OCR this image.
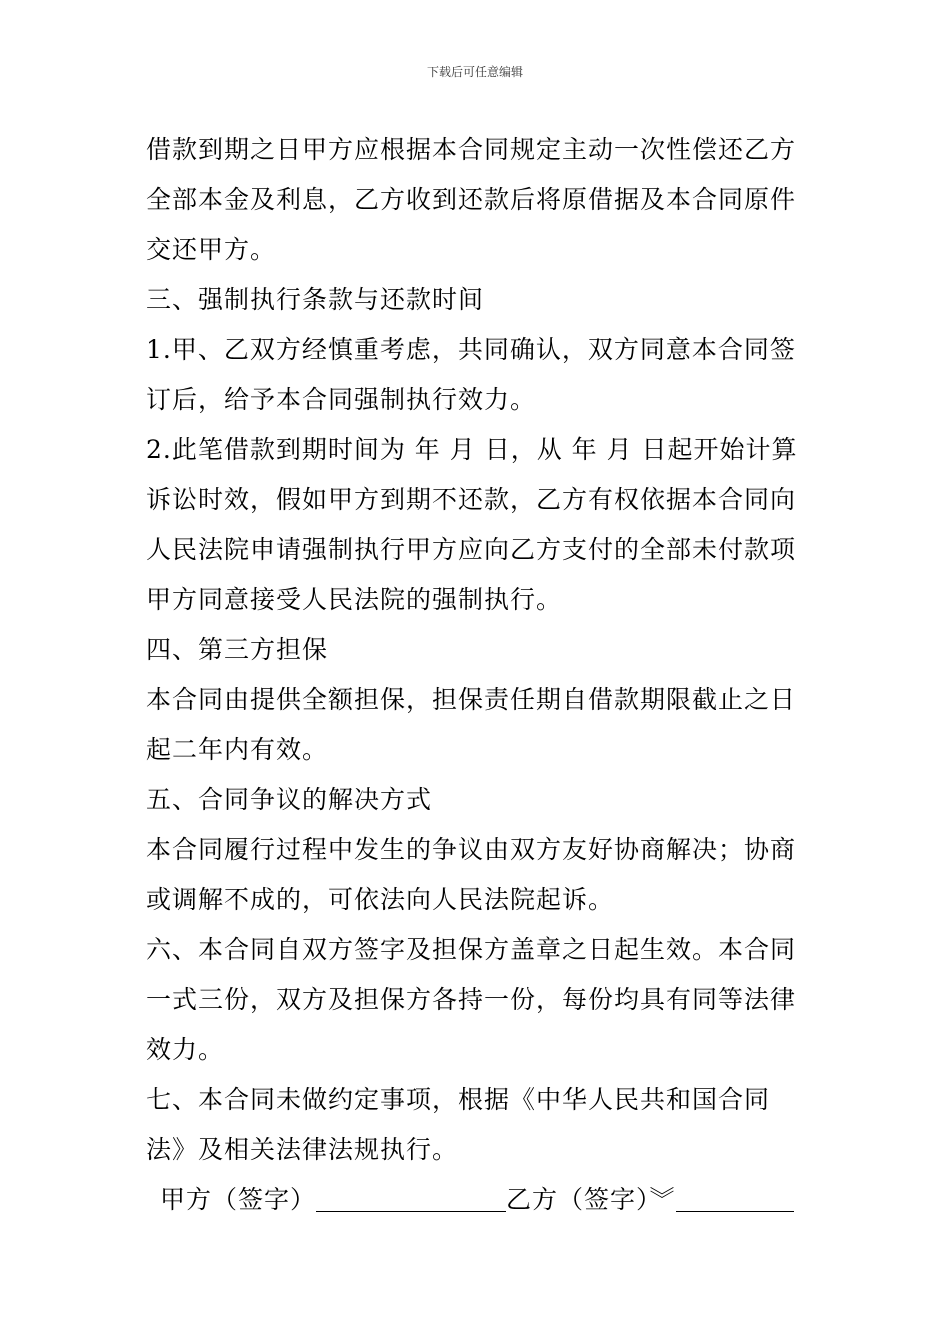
下载后可任意编辑
借款到期之日甲方应根据本合同规定主动一次性偿还乙方
全部本金及利息，乙方收到还款后将原借据及本合同原件
交还甲方。
三、强制执行条款与还款时间
1.甲、乙双方经慎重考虑，共同确认，双方同意本合同签
订后，给予本合同强制执行效力。
2.此笔借款到期时间为 年 月 日，从 年 月 日起开始计算
诉讼时效，假如甲方到期不还款，乙方有权依据本合同向
人民法院申请强制执行甲方应向乙方支付的全部未付款项
甲方同意接受人民法院的强制执行。
四、第三方担保
本合同由提供全额担保，担保责任期自借款期限截止之日
起二年内有效。
五、合同争议的解决方式
本合同履行过程中发生的争议由双方友好协商解决；协商
或调解不成的，可依法向人民法院起诉。
六、本合同自双方签字及担保方盖章之日起生效。本合同
一式三份，双方及担保方各持一份，每份均具有同等法律
效力。
七、本合同未做约定事项，根据《中华人民共和国合同
法》及相关法律法规执行。
甲方（签字）	乙方（签字）︾
